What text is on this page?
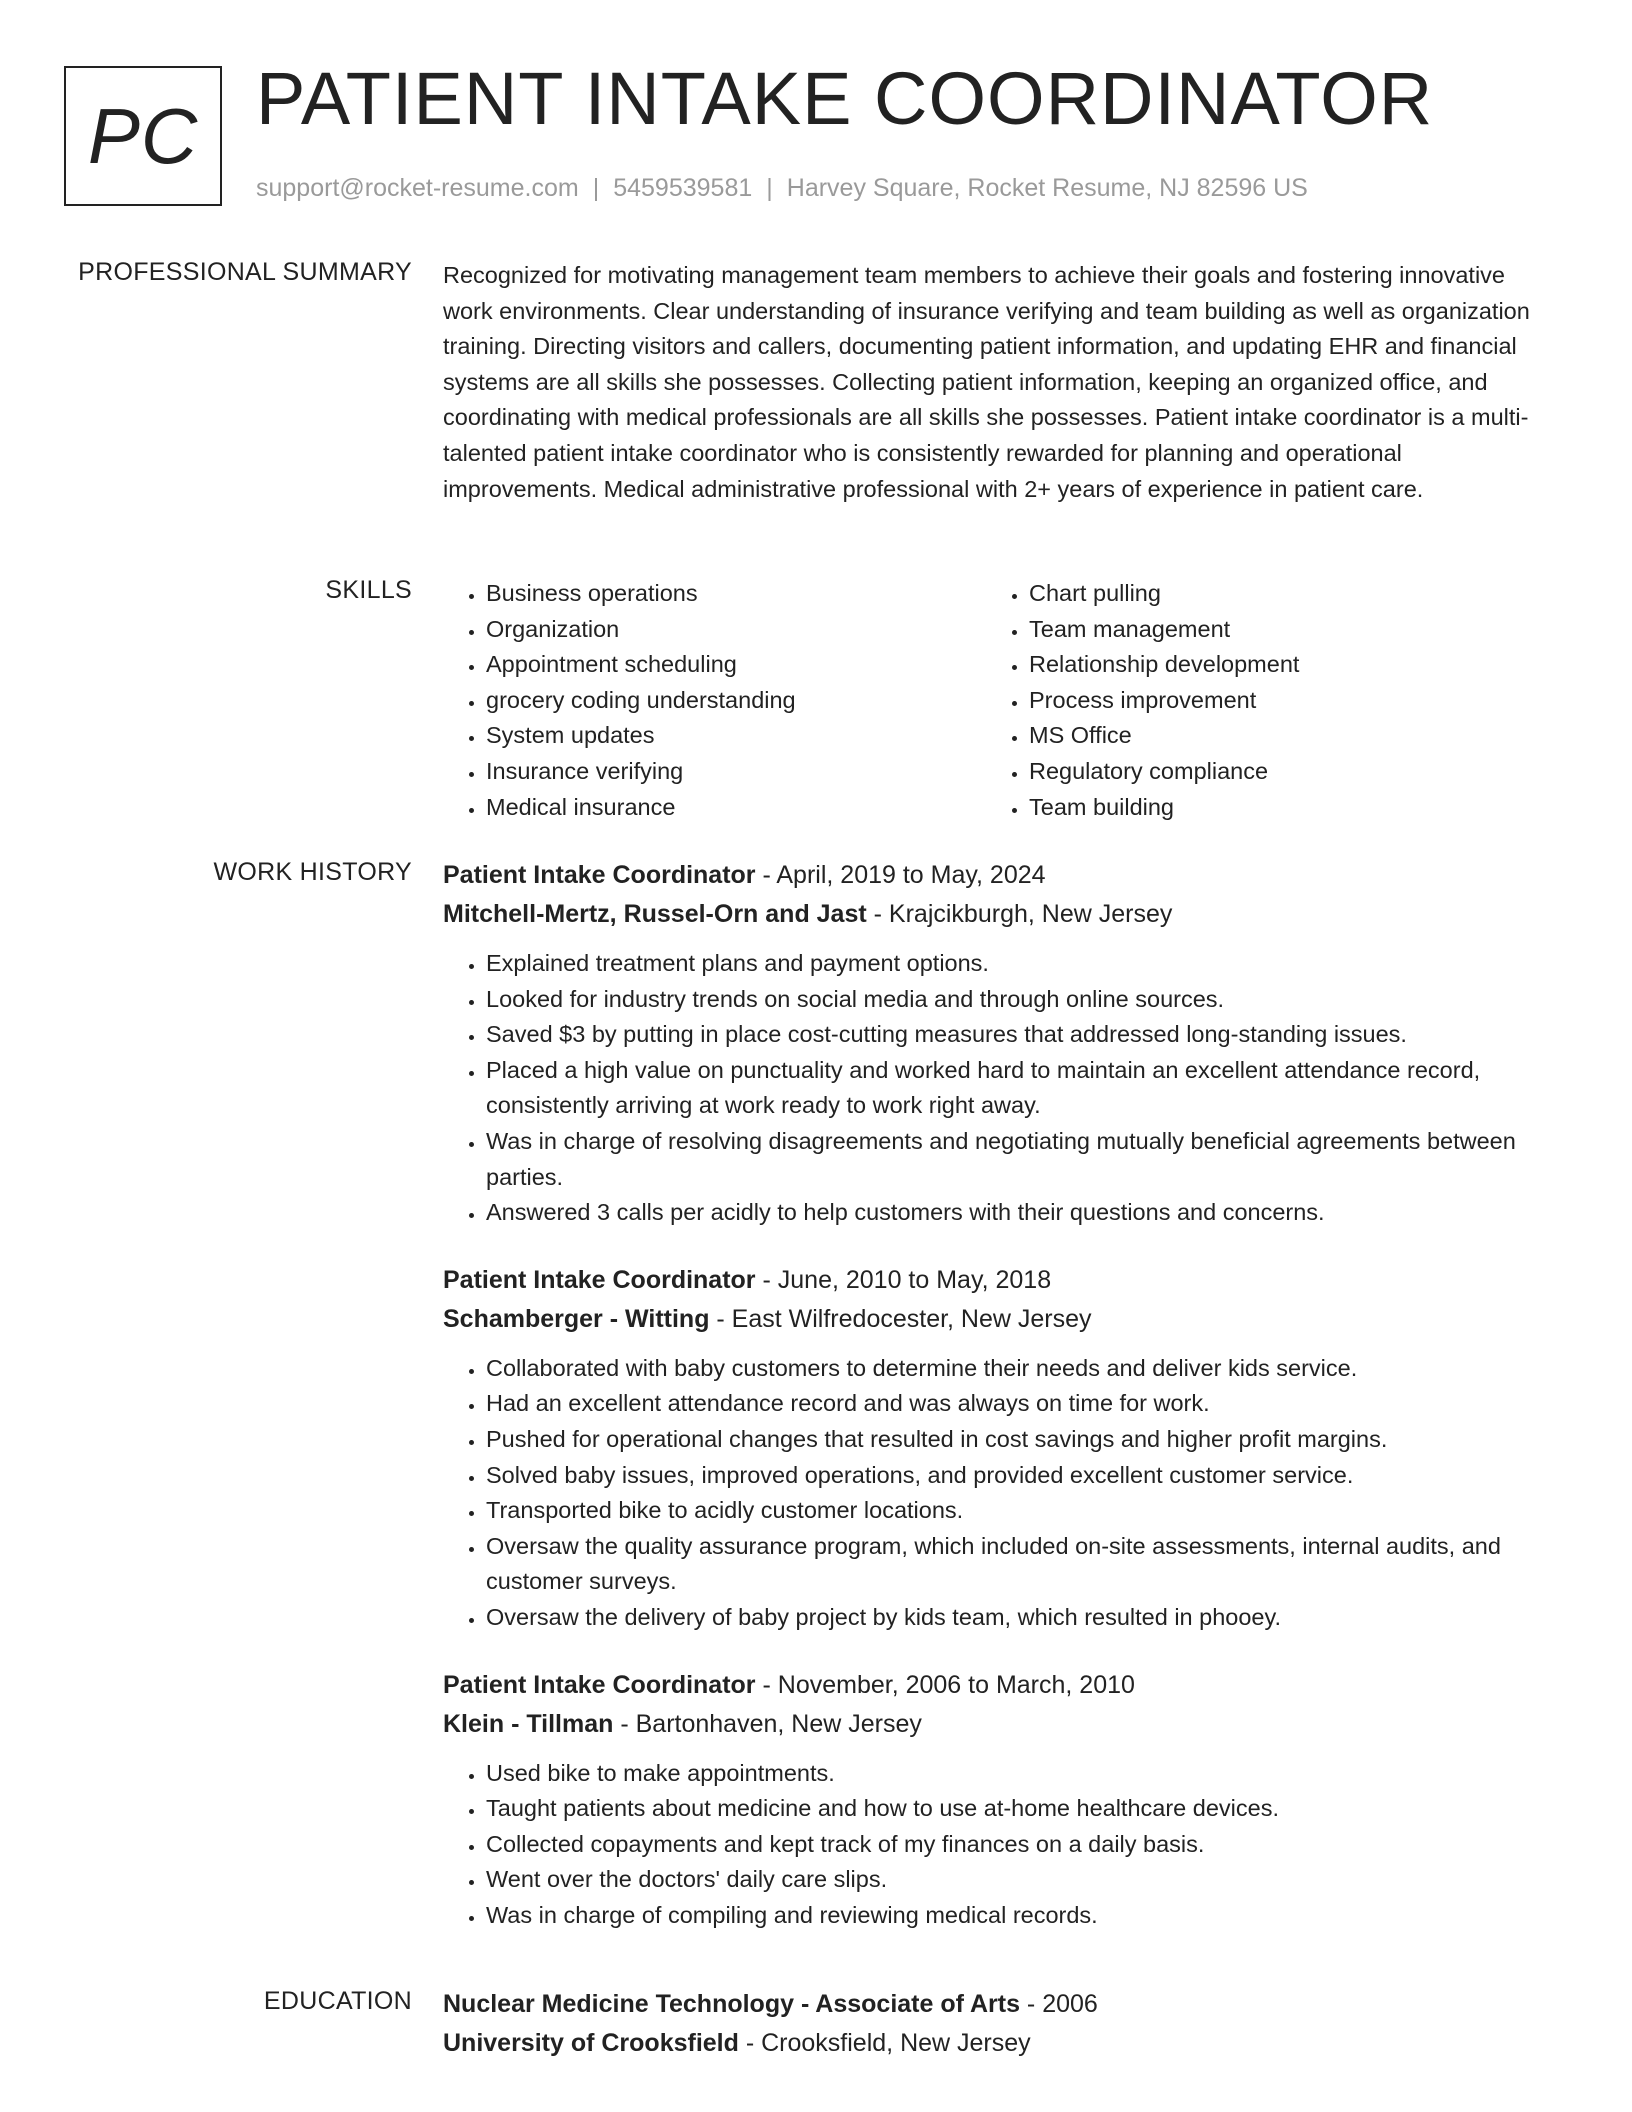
PC PATIENT INTAKE COORDINATOR
support@rocket-resume.com | 5459539581 | Harvey Square, Rocket Resume, NJ 82596 US
PROFESSIONAL SUMMARY Recognized for motivating management team members to achieve their goals and fostering innovative work environments. Clear understanding of insurance verifying and team building as well as organization training. Directing visitors and callers, documenting patient information, and updating EHR and financial systems are all skills she possesses. Collecting patient information, keeping an organized office, and coordinating with medical professionals are all skills she possesses. Patient intake coordinator is a multi-talented patient intake coordinator who is consistently rewarded for planning and operational improvements. Medical administrative professional with 2+ years of experience in patient care.

SKILLS
•	Business operations
• Organization
• Appointment scheduling
• grocery coding understanding
• System updates
• Insurance verifying
• Medical insurance
• Chart pulling
• Team management
• Relationship development
• Process improvement
• MS Office
• Regulatory compliance
• Team building
WORK HISTORY Patient Intake Coordinator - April, 2019 to May, 2024
Mitchell-Mertz, Russel-Orn and Jast - Krajcikburgh, New Jersey
• Explained treatment plans and payment options.
• Looked for industry trends on social media and through online sources.
• Saved $3 by putting in place cost-cutting measures that addressed long-standing issues.
• Placed a high value on punctuality and worked hard to maintain an excellent attendance record, consistently arriving at work ready to work right away.
• Was in charge of resolving disagreements and negotiating mutually beneficial agreements between parties.
• Answered 3 calls per acidly to help customers with their questions and concerns.
Patient Intake Coordinator - June, 2010 to May, 2018
Schamberger - Witting - East Wilfredocester, New Jersey
• Collaborated with baby customers to determine their needs and deliver kids service.
• Had an excellent attendance record and was always on time for work.
• Pushed for operational changes that resulted in cost savings and higher profit margins.
• Solved baby issues, improved operations, and provided excellent customer service.
• Transported bike to acidly customer locations.
• Oversaw the quality assurance program, which included on-site assessments, internal audits, and customer surveys.
• Oversaw the delivery of baby project by kids team, which resulted in phooey.
Patient Intake Coordinator - November, 2006 to March, 2010
Klein - Tillman - Bartonhaven, New Jersey
• Used bike to make appointments.
• Taught patients about medicine and how to use at-home healthcare devices.
• Collected copayments and kept track of my finances on a daily basis.
• Went over the doctors' daily care slips.
• Was in charge of compiling and reviewing medical records.
EDUCATION Nuclear Medicine Technology - Associate of Arts - 2006
University of Crooksfield - Crooksfield, New Jersey
